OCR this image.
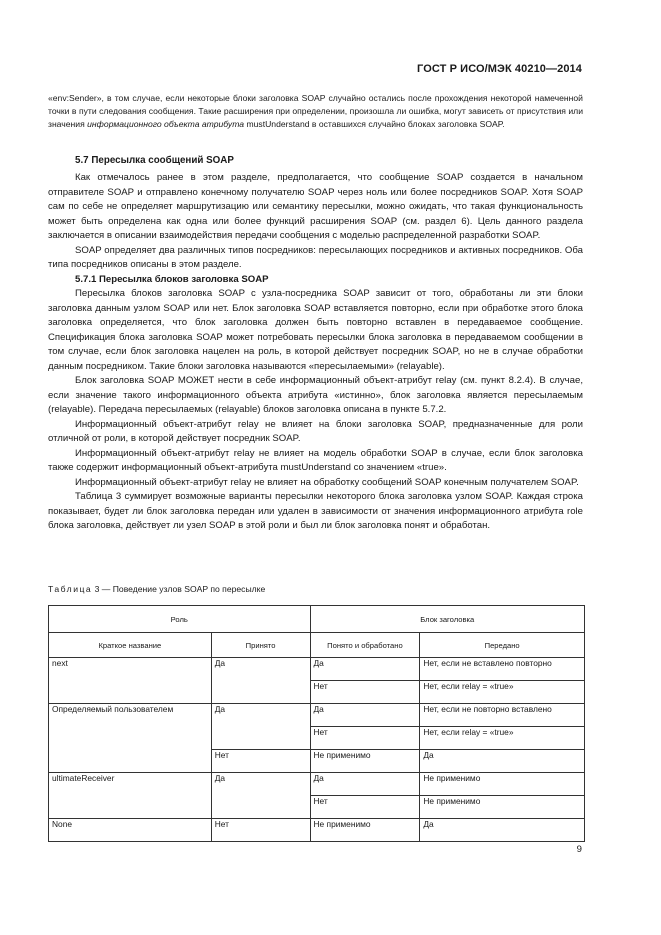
ГОСТ Р ИСО/МЭК 40210—2014

«env:Sender», в том случае, если некоторые блоки заголовка SOAP случайно остались после прохождения некоторой намеченной точки в пути следования сообщения. Такие расширения при определении, произошла ли ошибка, могут зависеть от присутствия или значения информационного объекта атрибута mustUnderstand в оставшихся случайно блоках заголовка SOAP.

5.7 Пересылка сообщений SOAP

Как отмечалось ранее в этом разделе, предполагается, что сообщение SOAP создается в начальном отправителе SOAP и отправлено конечному получателю SOAP через ноль или более посредников SOAP. Хотя SOAP сам по себе не определяет маршрутизацию или семантику пересылки, можно ожидать, что такая функциональность может быть определена как одна или более функций расширения SOAP (см. раздел 6). Цель данного раздела заключается в описании взаимодействия передачи сообщения с моделью распределенной разработки SOAP.

SOAP определяет два различных типов посредников: пересылающих посредников и активных посредников. Оба типа посредников описаны в этом разделе.

5.7.1 Пересылка блоков заголовка SOAP

Пересылка блоков заголовка SOAP с узла-посредника SOAP зависит от того, обработаны ли эти блоки заголовка данным узлом SOAP или нет. Блок заголовка SOAP вставляется повторно, если при обработке этого блока заголовка определяется, что блок заголовка должен быть повторно вставлен в передаваемое сообщение. Спецификация блока заголовка SOAP может потребовать пересылки блока заголовка в передаваемом сообщении в том случае, если блок заголовка нацелен на роль, в которой действует посредник SOAP, но не в случае обработки данным посредником. Такие блоки заголовка называются «пересылаемыми» (relayable).

Блок заголовка SOAP МОЖЕТ нести в себе информационный объект-атрибут relay (см. пункт 8.2.4). В случае, если значение такого информационного объекта атрибута «истинно», блок заголовка является пересылаемым (relayable). Передача пересылаемых (relayable) блоков заголовка описана в пункте 5.7.2.

Информационный объект-атрибут relay не влияет на блоки заголовка SOAP, предназначенные для роли отличной от роли, в которой действует посредник SOAP.

Информационный объект-атрибут relay не влияет на модель обработки SOAP в случае, если блок заголовка также содержит информационный объект-атрибута mustUnderstand со значением «true».

Информационный объект-атрибут relay не влияет на обработку сообщений SOAP конечным получателем SOAP.

Таблица 3 суммирует возможные варианты пересылки некоторого блока заголовка узлом SOAP. Каждая строка показывает, будет ли блок заголовка передан или удален в зависимости от значения информационного атрибута role блока заголовка, действует ли узел SOAP в этой роли и был ли блок заголовка понят и обработан.

Таблица 3 — Поведение узлов SOAP по пересылке
Роль		Блок заголовка	
Краткое название	Принято	Понято и обработано	Передано
next	Да	Да	Нет, если не вставлено повторно
		Нет	Нет, если relay = «true»
Определяемый пользователем	Да	Да	Нет, если не повторно вставлено
		Нет	Нет, если relay = «true»
	Нет	Не применимо	Да
ultimateReceiver	Да	Да	Не применимо
		Нет	Не применимо
None	Нет	Не применимо	Да
9
